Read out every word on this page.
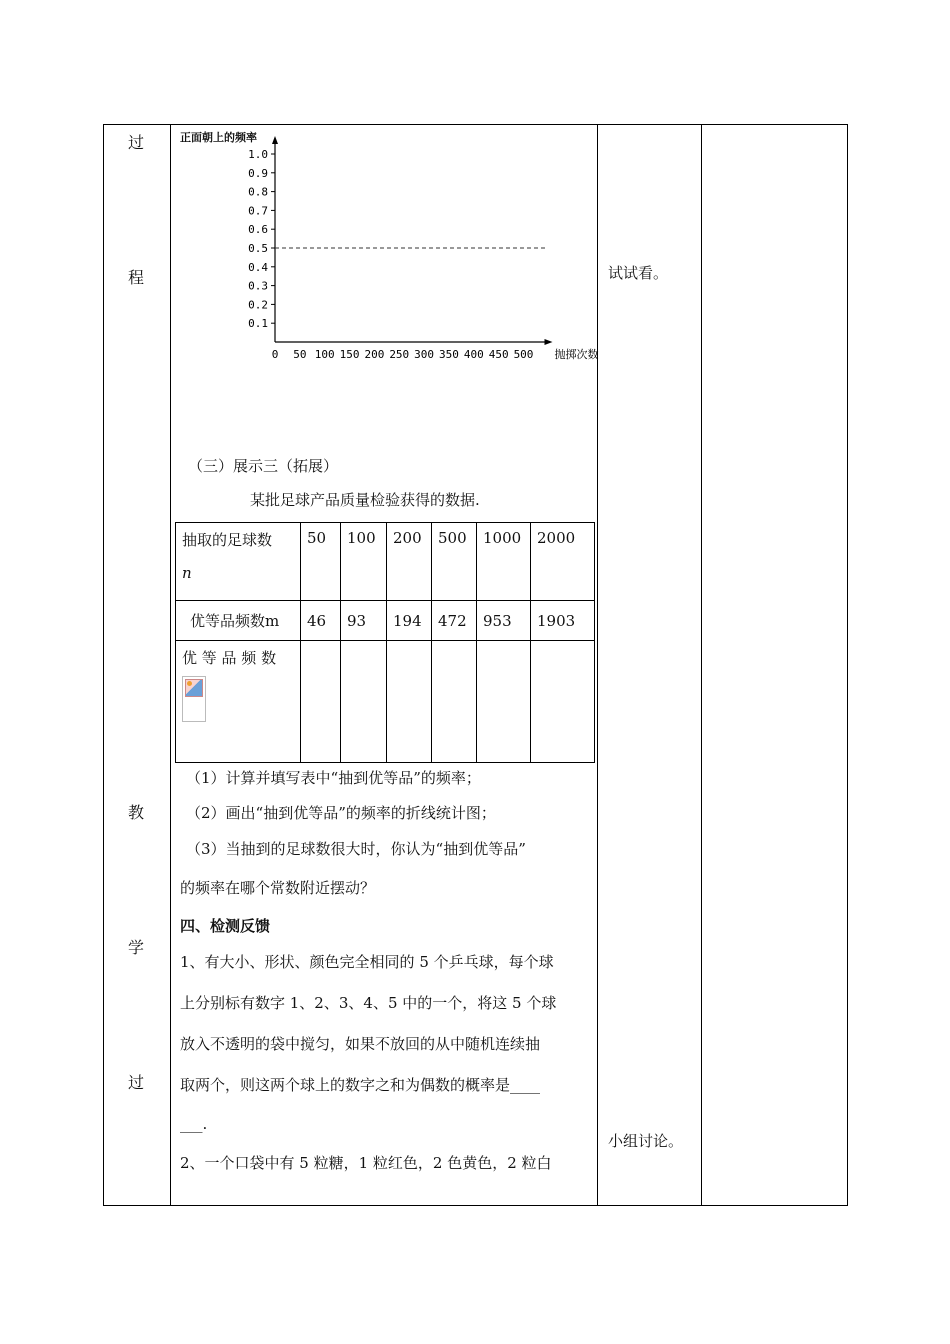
过
程
教
学
过
正面朝上的频率
1.0
0.9
0.8
0.7
0.6
0.5
0.4
0.3
0.2
0.1
0 50 100 150 200 250 300 350 400 450 500 抛掷次数
（三）展示三（拓展）
某批足球产品质量检验获得的数据.
抽取的足球数
n	50	100	200	500	1000	2000
优等品频数m	46	93	194	472	953	1903

优 等 品 频 数						

（1）计算并填写表中“抽到优等品”的频率；
（2）画出“抽到优等品”的频率的折线统计图；
（3）当抽到的足球数很大时，你认为“抽到优等品”
的频率在哪个常数附近摆动？
四、检测反馈
1、有大小、形状、颜色完全相同的 5 个乒乓球，每个球
上分别标有数字 1、2、3、4、5 中的一个，将这 5 个球
放入不透明的袋中搅匀，如果不放回的从中随机连续抽
取两个，则这两个球上的数字之和为偶数的概率是____
___.
2、一个口袋中有 5 粒糖，1 粒红色，2 色黄色，2 粒白
试试看。
小组讨论。
